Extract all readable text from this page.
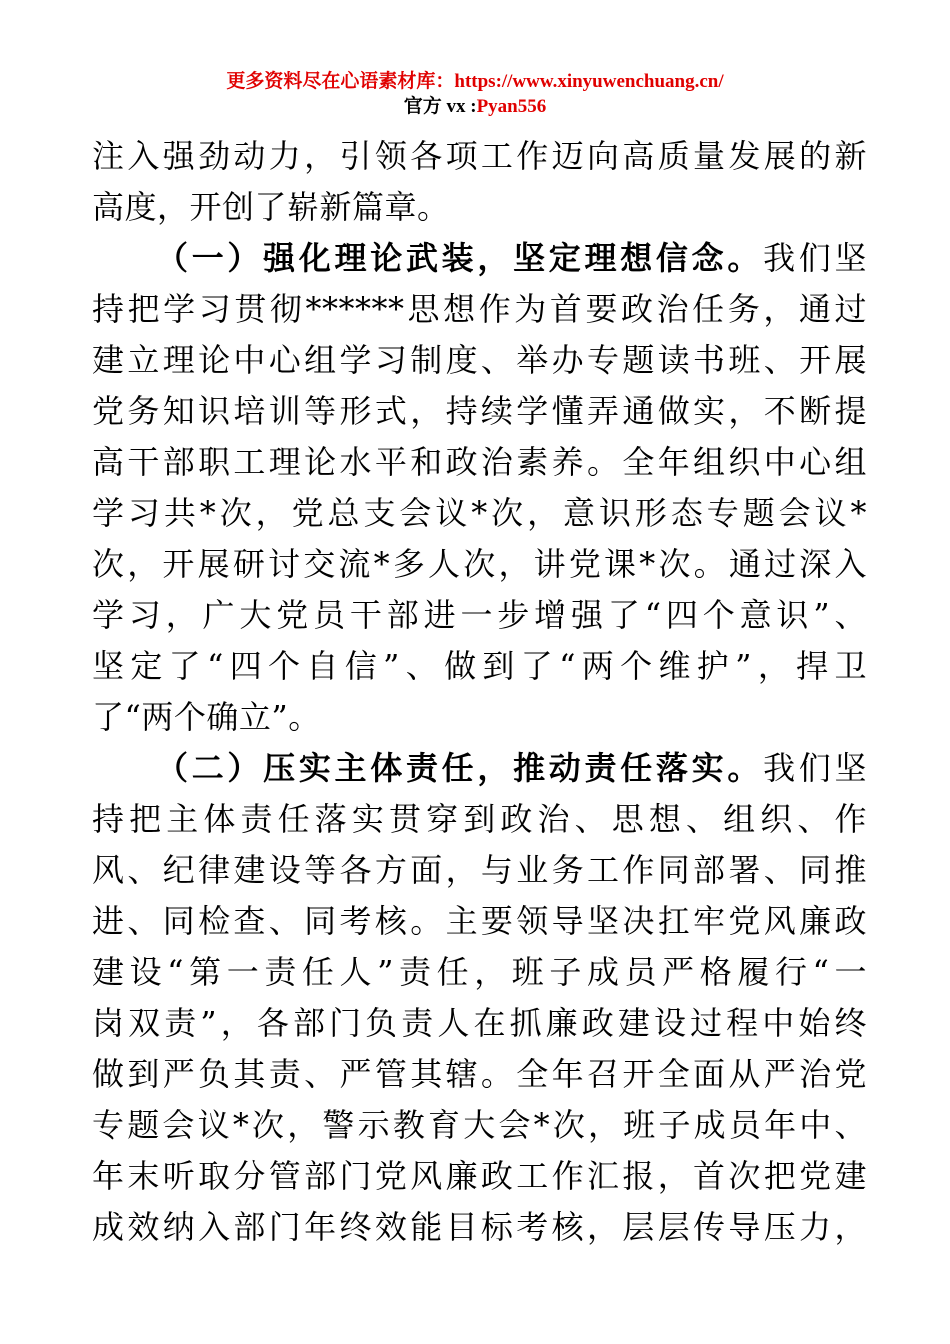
更多资料尽在心语素材库：https://www.xinyuwenchuang.cn/
官方 vx :Pyan556
注入强劲动力，引领各项工作迈向高质量发展的新
高度，开创了崭新篇章。
（一）强化理论武装，坚定理想信念。我们坚
持把学习贯彻******思想作为首要政治任务，通过
建立理论中心组学习制度、举办专题读书班、开展
党务知识培训等形式，持续学懂弄通做实，不断提
高干部职工理论水平和政治素养。全年组织中心组
学习共*次，党总支会议*次，意识形态专题会议*
次，开展研讨交流*多人次，讲党课*次。通过深入
学习，广大党员干部进一步增强了“四个意识”、
坚定了“四个自信”、做到了“两个维护”，捍卫
了“两个确立”。
（二）压实主体责任，推动责任落实。我们坚
持把主体责任落实贯穿到政治、思想、组织、作
风、纪律建设等各方面，与业务工作同部署、同推
进、同检查、同考核。主要领导坚决扛牢党风廉政
建设“第一责任人”责任，班子成员严格履行“一
岗双责”，各部门负责人在抓廉政建设过程中始终
做到严负其责、严管其辖。全年召开全面从严治党
专题会议*次，警示教育大会*次，班子成员年中、
年末听取分管部门党风廉政工作汇报，首次把党建
成效纳入部门年终效能目标考核，层层传导压力，
